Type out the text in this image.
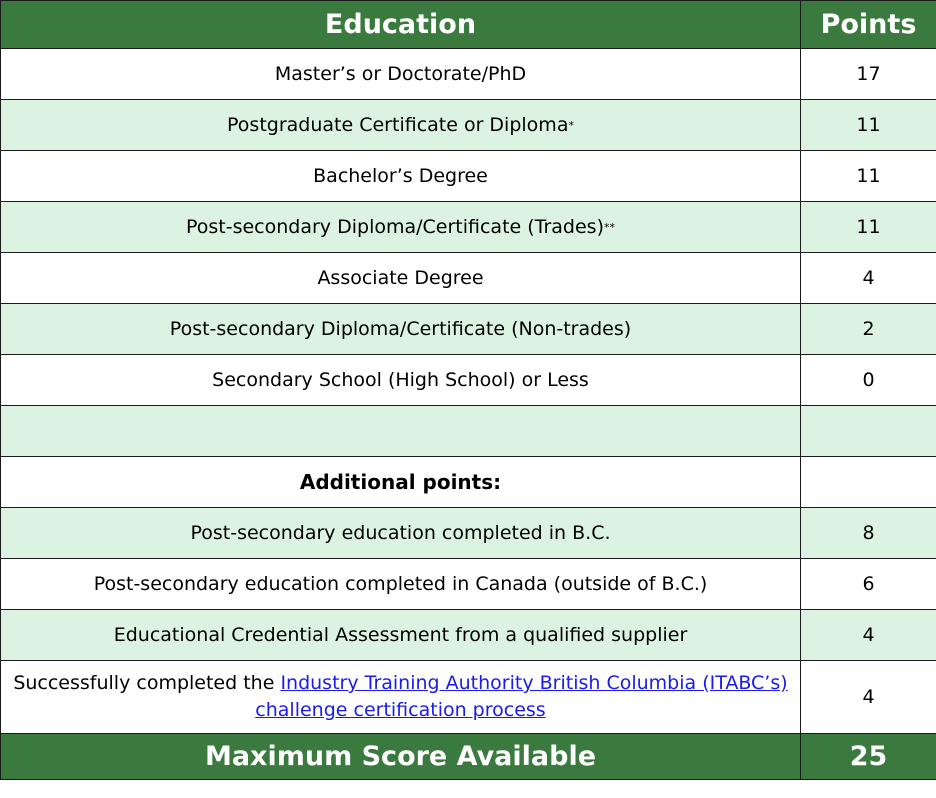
Education	Points
Master’s or Doctorate/PhD	17
Postgraduate Certificate or Diploma*	11
Bachelor’s Degree	11
Post-secondary Diploma/Certificate (Trades)**	11
Associate Degree	4
Post-secondary Diploma/Certificate (Non-trades)	2
Secondary School (High School) or Less	0

Additional points:	
Post-secondary education completed in B.C.	8
Post-secondary education completed in Canada (outside of B.C.)	6
Educational Credential Assessment from a qualified supplier	4
Successfully completed the Industry Training Authority British Columbia (ITABC’s) challenge certification process	4
Maximum Score Available	25
